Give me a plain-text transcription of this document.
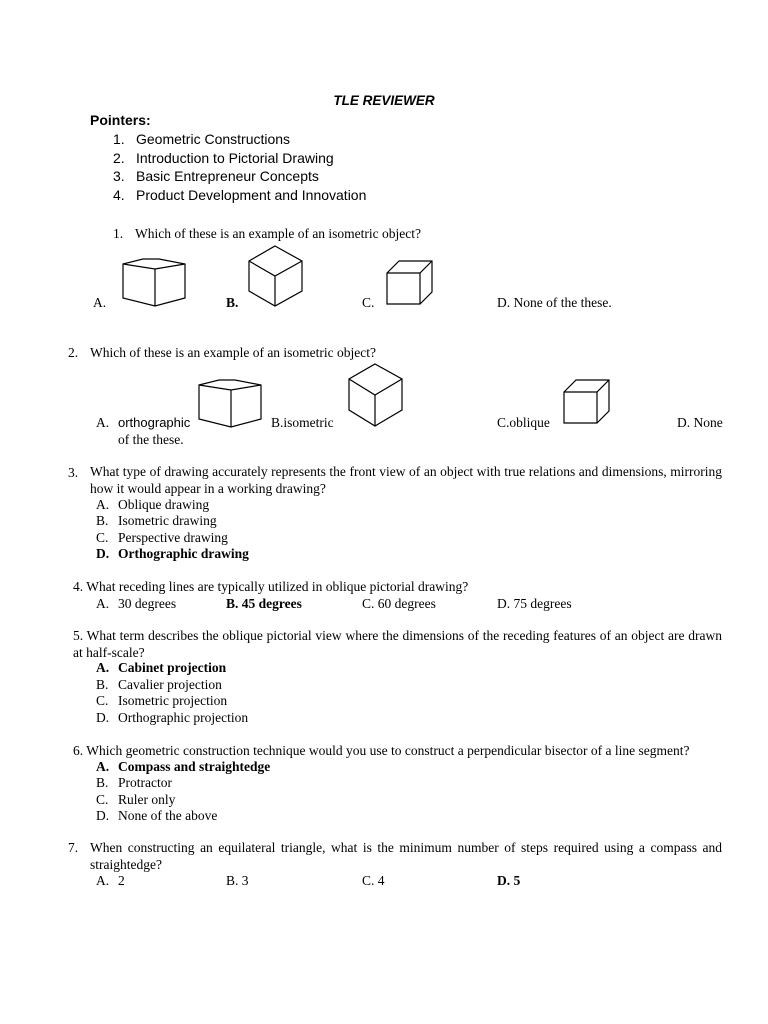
TLE REVIEWER
Pointers:
1. Geometric Constructions
2. Introduction to Pictorial Drawing
3. Basic Entrepreneur Concepts
4. Product Development and Innovation
1. Which of these is an example of an isometric object?
A.	B.	C.	D. None of the these.
2. Which of these is an example of an isometric object?
A. orthographic
of the these.
B.isometric	C.oblique	D. None
3. What type of drawing accurately represents the front view of an object with true relations and dimensions, mirroring how it would appear in a working drawing?
A. Oblique drawing
B. Isometric drawing
C. Perspective drawing
D. Orthographic drawing
4. What receding lines are typically utilized in oblique pictorial drawing?
A. 30 degrees	B. 45 degrees	C. 60 degrees	D. 75 degrees
5. What term describes the oblique pictorial view where the dimensions of the receding features of an object are drawn at half-scale?
A. Cabinet projection
B. Cavalier projection
C. Isometric projection
D. Orthographic projection
6. Which geometric construction technique would you use to construct a perpendicular bisector of a line segment?
A. Compass and straightedge
B. Protractor
C. Ruler only
D. None of the above
7. When constructing an equilateral triangle, what is the minimum number of steps required using a compass and straightedge?
A. 2	B. 3	C. 4	D. 5
